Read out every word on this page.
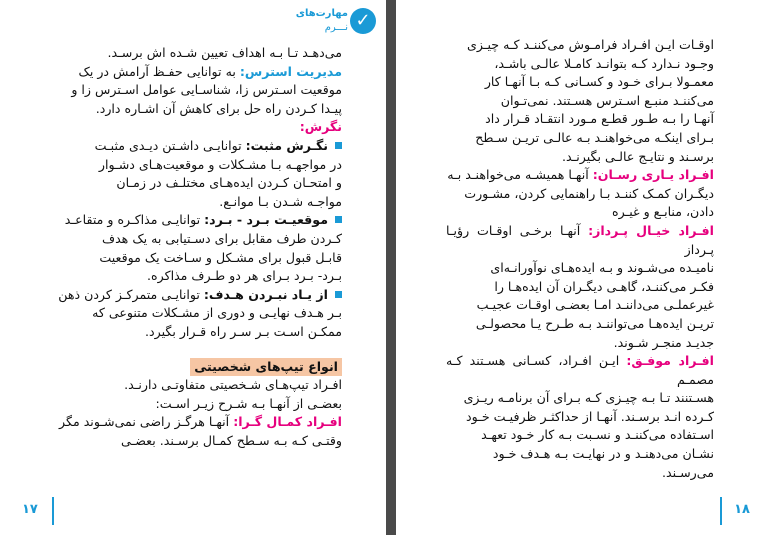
✓
مهارت‌های
نـــرم

می‌دهـد تـا بـه اهداف تعیین شـده اش برسـد.

مدیریت استرس: به توانایی حفـظ آرامش در یک

موقعیت اسـترس زا، شناسـایی عوامل اسـترس زا و

پیـدا کـردن راه حل برای کاهش آن اشـاره دارد.

نگرش:

نگـرش مثبت: توانایـی داشـتن دیـدی مثبـت

در مواجهـه بـا مشـکلات و موقعیت‌هـای دشـوار

و امتحـان کـردن ایده‌هـای مختلـف در زمـان

مواجـه شـدن بـا موانـع.

موقعیـت بـرد - بـرد: توانایـی مذاکـره و متقاعـد

کـردن طرف مقابل برای دسـتیابی به یک هدف

قابـل قبول برای مشـکل و سـاخت یک موقعیت

بـرد- بـرد بـرای هر دو طـرف مذاکره.

از یـاد نبـردن هـدف: توانایـی متمرکـز کردن ذهن

بـر هـدف نهایـی و دوری از مشـکلات متنوعی که

ممکـن اسـت بـر سـر راه قـرار بگیرد.

انواع تیپ‌های شخصیتی

افـراد تیپ‌هـای شـخصیتی متفاوتـی دارنـد.

بعضـی از آنهـا بـه شـرح زیـر اسـت:

افـراد کمـال گـرا: آنهـا هرگـز راضی نمی‌شـوند مگر

وقتـی کـه بـه سـطح کمـال برسـند. بعضـی

۱۷

اوقـات ایـن افـراد فرامـوش می‌کننـد کـه چیـزی

وجـود نـدارد کـه بتوانـد کامـلا عالـی باشـد،

معمـولا بـرای خـود و کسـانی کـه بـا آنهـا کار

می‌کننـد منبـع اسـترس هسـتند. نمی‌تـوان

آنهـا را بـه طـور قطـع مـورد انتقـاد قـرار داد

بـرای اینکـه می‌خواهنـد بـه عالـی تریـن سـطح

برسـند و نتایـج عالـی بگیرنـد.

افـراد یـاری رسـان: آنهـا همیشـه می‌خواهنـد بـه

دیگـران کمـک کننـد بـا راهنمایی کردن، مشـورت

دادن، منابـع و غیـره

افـراد خیـال پـرداز: آنهـا برخـی اوقـات رؤیـا پـرداز

نامیـده می‌شـوند و بـه ایده‌هـای نوآورانـه‌ای

فکـر می‌کننـد، گاهـی دیگـران آن ایده‌هـا را

غیرعملـی می‌داننـد امـا بعضـی اوقـات عجیـب

تریـن ایده‌هـا می‌تواننـد بـه طـرح یـا محصولـی

جدیـد منجـر شـوند.

افـراد موفـق: ایـن افـراد، کسـانی هسـتند کـه مصمـم

هسـتنند تـا بـه چیـزی کـه بـرای آن برنامـه ریـزی

کـرده انـد برسـند. آنهـا از حداکثـر ظرفیـت خـود

اسـتفاده می‌کننـد و نسـبت بـه کار خـود تعهـد

نشـان می‌دهنـد و در نهایـت بـه هـدف خـود

می‌رسـند.

۱۸
